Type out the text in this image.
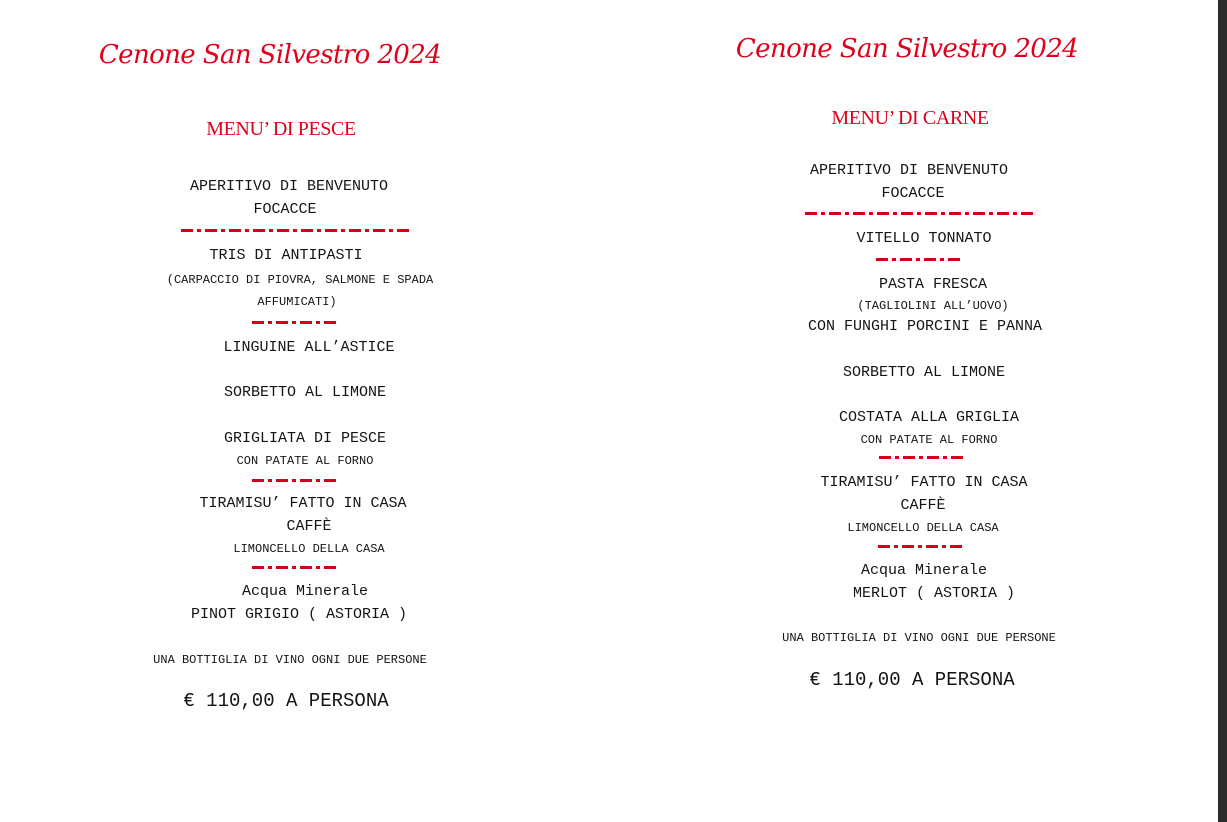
Cenone San Silvestro 2024
MENU’ DI PESCE
APERITIVO DI BENVENUTO
FOCACCE
TRIS DI ANTIPASTI
(CARPACCIO DI PIOVRA, SALMONE E SPADA
AFFUMICATI)
LINGUINE ALL’ASTICE
SORBETTO AL LIMONE
GRIGLIATA DI PESCE
CON PATATE AL FORNO
TIRAMISU’ FATTO IN CASA
CAFFÈ
LIMONCELLO DELLA CASA
Acqua Minerale
PINOT GRIGIO ( ASTORIA )
UNA BOTTIGLIA DI VINO OGNI DUE PERSONE
€ 110,00 A PERSONA
Cenone San Silvestro 2024
MENU’ DI CARNE
APERITIVO DI BENVENUTO
FOCACCE
VITELLO TONNATO
PASTA FRESCA
(TAGLIOLINI ALL’UOVO)
CON FUNGHI PORCINI E PANNA
SORBETTO AL LIMONE
COSTATA ALLA GRIGLIA
CON PATATE AL FORNO
TIRAMISU’ FATTO IN CASA
CAFFÈ
LIMONCELLO DELLA CASA
Acqua Minerale
MERLOT ( ASTORIA )
UNA BOTTIGLIA DI VINO OGNI DUE PERSONE
€ 110,00 A PERSONA
